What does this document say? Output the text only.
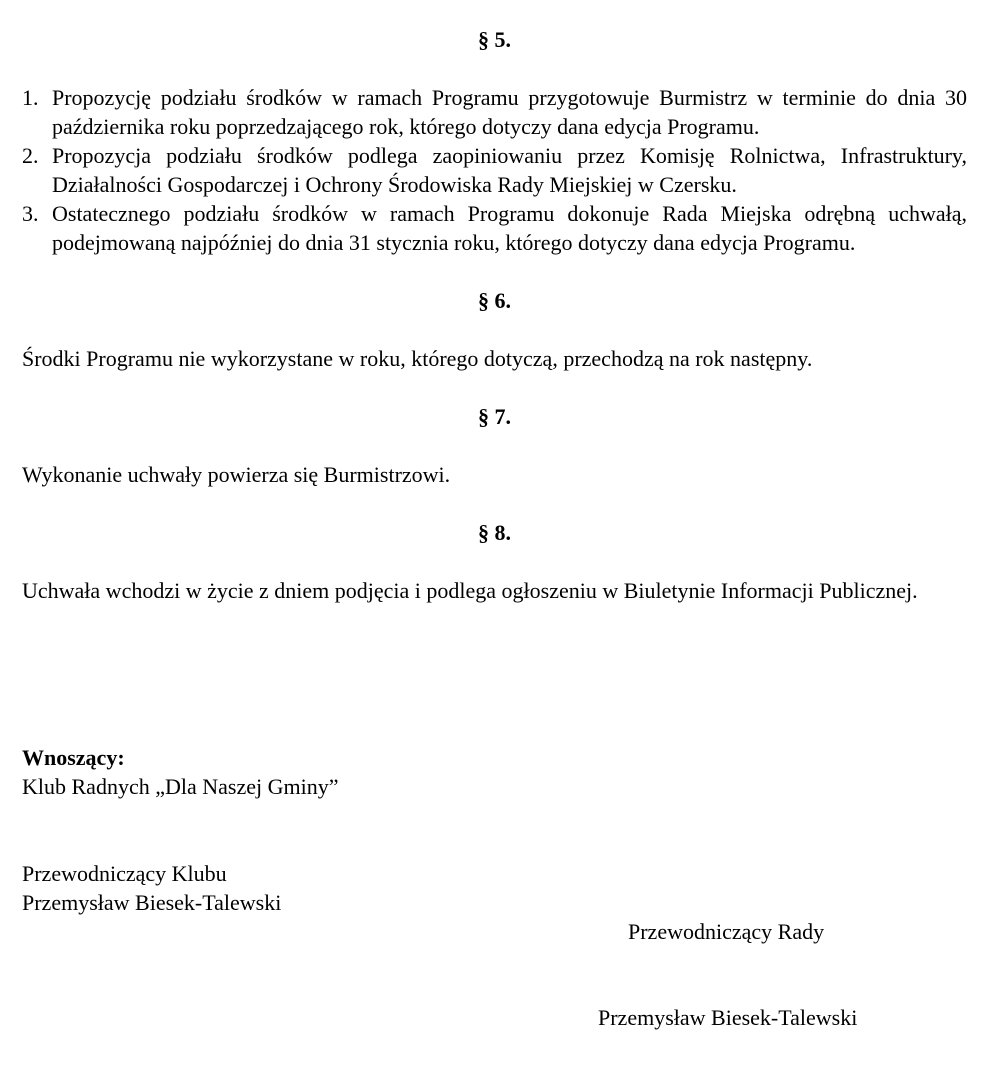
§ 5.

1. Propozycję podziału środków w ramach Programu przygotowuje Burmistrz w terminie do dnia 30 października roku poprzedzającego rok, którego dotyczy dana edycja Programu.
2. Propozycja podziału środków podlega zaopiniowaniu przez Komisję Rolnictwa, Infrastruktury, Działalności Gospodarczej i Ochrony Środowiska Rady Miejskiej w Czersku.
3. Ostatecznego podziału środków w ramach Programu dokonuje Rada Miejska odrębną uchwałą, podejmowaną najpóźniej do dnia 31 stycznia roku, którego dotyczy dana edycja Programu.

§ 6.

Środki Programu nie wykorzystane w roku, którego dotyczą, przechodzą na rok następny.

§ 7.

Wykonanie uchwały powierza się Burmistrzowi.

§ 8.

Uchwała wchodzi w życie z dniem podjęcia i podlega ogłoszeniu w Biuletynie Informacji Publicznej.

Wnoszący:
Klub Radnych „Dla Naszej Gminy”
Przewodniczący Klubu
Przemysław Biesek-Talewski
Przewodniczący Rady
Przemysław Biesek-Talewski
